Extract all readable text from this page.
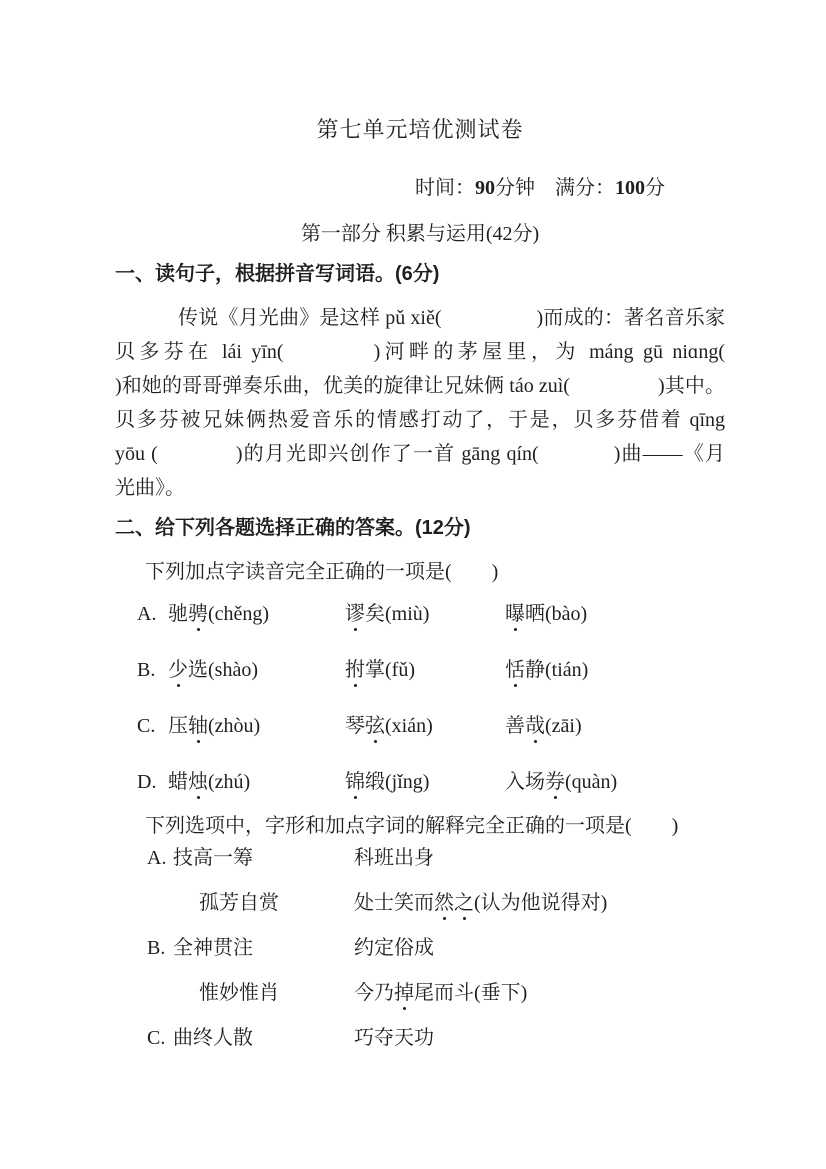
第七单元培优测试卷
时间：90分钟　满分：100分
第一部分 积累与运用(42分)
一、读句子，根据拼音写词语。(6分)
传说《月光曲》是这样 pǔ xiě(	)而成的：著名音乐家
贝多芬在 lái yīn(	)河畔的茅屋里，为 máng gū niɑng(
)和她的哥哥弹奏乐曲，优美的旋律让兄妹俩 táo zuì(	)其中。
贝多芬被兄妹俩热爱音乐的情感打动了，于是，贝多芬借着 qīng
yōu (	)的月光即兴创作了一首 gāng qín(	)曲——《月
光曲》。
二、给下列各题选择正确的答案。(12分)
下列加点字读音完全正确的一项是(　　)
A. 驰骋(chěng)	谬矣(miù)	曝晒(bào)
B. 少选(shào)	拊掌(fǔ)	恬静(tián)
C. 压轴(zhòu)	琴弦(xián)	善哉(zāi)
D. 蜡烛(zhú)	锦缎(jǐng)	入场券(quàn)
下列选项中，字形和加点字词的解释完全正确的一项是(　　)
A. 技高一筹	科班出身
孤芳自赏	处士笑而然之(认为他说得对)
B. 全神贯注	约定俗成
惟妙惟肖	今乃掉尾而斗(垂下)
C. 曲终人散	巧夺天功
